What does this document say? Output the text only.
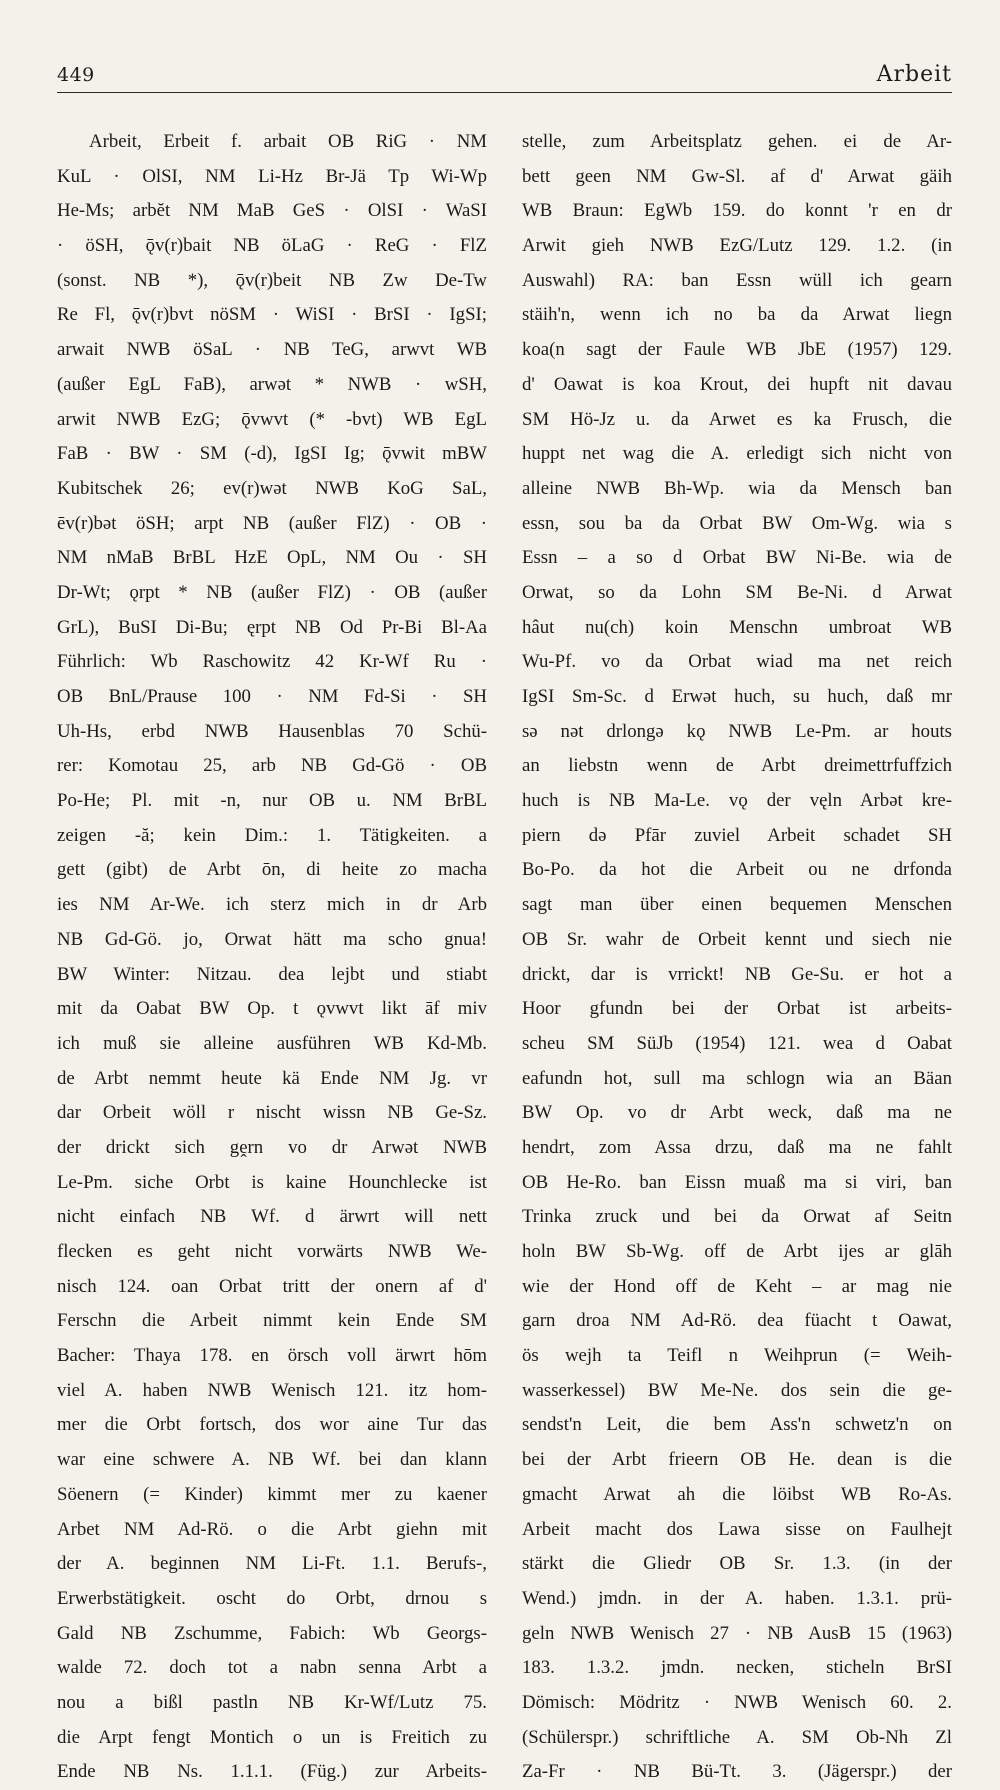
449	Arbeit
Arbeit, Erbeit f. arbait OB RiG · NM
KuL · OlSI, NM Li-Hz Br-Jä Tp Wi-Wp
He-Ms; arbĕt NM MaB GeS · OlSI · WaSI
· öSH, ǭv(r)bait NB öLaG · ReG · FlZ
(sonst. NB *), ǭv(r)beit NB Zw De-Tw
Re Fl, ǭv(r)bvt nöSM · WiSI · BrSI · IgSI;
arwait NWB öSaL · NB TeG, arwvt WB
(außer EgL FaB), arwət * NWB · wSH,
arwit NWB EzG; ǭvwvt (* -bvt) WB EgL
FaB · BW · SM (-d), IgSI Ig; ǭvwit mBW
Kubitschek 26; ev(r)wət NWB KoG SaL,
ēv(r)bət öSH; arpt NB (außer FlZ) · OB ·
NM nMaB BrBL HzE OpL, NM Ou · SH
Dr-Wt; ǫrpt * NB (außer FlZ) · OB (außer
GrL), BuSI Di-Bu; ęrpt NB Od Pr-Bi Bl-Aa
Führlich: Wb Raschowitz 42 Kr-Wf Ru ·
OB BnL/Prause 100 · NM Fd-Si · SH
Uh-Hs, erbd NWB Hausenblas 70 Schü-
rer: Komotau 25, arb NB Gd-Gö · OB
Po-He; Pl. mit -n, nur OB u. NM BrBL
zeigen -ă; kein Dim.: 1. Tätigkeiten. a
gett (gibt) de Arbt ōn, di heite zo macha
ies NM Ar-We. ich sterz mich in dr Arb
NB Gd-Gö. jo, Orwat hätt ma scho gnua!
BW Winter: Nitzau. dea lejbt und stiabt
mit da Oabat BW Op. t ǫvwvt likt āf miv
ich muß sie alleine ausführen WB Kd-Mb.
de Arbt nemmt heute kä Ende NM Jg. vr
dar Orbeit wöll r nischt wissn NB Ge-Sz.
der drickt sich gḙrn vo dr Arwət NWB
Le-Pm. siche Orbt is kaine Hounchlecke ist
nicht einfach NB Wf. d ärwrt will nett
flecken es geht nicht vorwärts NWB We-
nisch 124. oan Orbat tritt der onern af d'
Ferschn die Arbeit nimmt kein Ende SM
Bacher: Thaya 178. en örsch voll ärwrt hōm
viel A. haben NWB Wenisch 121. itz hom-
mer die Orbt fortsch, dos wor aine Tur das
war eine schwere A. NB Wf. bei dan klann
Söenern (= Kinder) kimmt mer zu kaener
Arbet NM Ad-Rö. o die Arbt giehn mit
der A. beginnen NM Li-Ft. 1.1. Berufs-,
Erwerbstätigkeit. oscht do Orbt, drnou s
Gald NB Zschumme, Fabich: Wb Georgs-
walde 72. doch tot a nabn senna Arbt a
nou a bißl pastln NB Kr-Wf/Lutz 75.
die Arpt fengt Montich o un is Freitich zu
Ende NB Ns. 1.1.1. (Füg.) zur Arbeits-
stelle, zum Arbeitsplatz gehen. ei de Ar-
bett geen NM Gw-Sl. af d' Arwat gäih
WB Braun: EgWb 159. do konnt 'r en dr
Arwit gieh NWB EzG/Lutz 129. 1.2. (in
Auswahl) RA: ban Essn wüll ich gearn
stäih'n, wenn ich no ba da Arwat liegn
koa(n sagt der Faule WB JbE (1957) 129.
d' Oawat is koa Krout, dei hupft nit davau
SM Hö-Jz u. da Arwet es ka Frusch, die
huppt net wag die A. erledigt sich nicht von
alleine NWB Bh-Wp. wia da Mensch ban
essn, sou ba da Orbat BW Om-Wg. wia s
Essn – a so d Orbat BW Ni-Be. wia de
Orwat, so da Lohn SM Be-Ni. d Arwat
hâut nu(ch) koin Menschn umbroat WB
Wu-Pf. vo da Orbat wiad ma net reich
IgSI Sm-Sc. d Erwət huch, su huch, daß mr
sə nət drlongə kǫ NWB Le-Pm. ar houts
an liebstn wenn de Arbt dreimettrfuffzich
huch is NB Ma-Le. vǫ der vęln Arbət kre-
piern də Pfār zuviel Arbeit schadet SH
Bo-Po. da hot die Arbeit ou ne drfonda
sagt man über einen bequemen Menschen
OB Sr. wahr de Orbeit kennt und siech nie
drickt, dar is vrrickt! NB Ge-Su. er hot a
Hoor gfundn bei der Orbat ist arbeits-
scheu SM SüJb (1954) 121. wea d Oabat
eafundn hot, sull ma schlogn wia an Bäan
BW Op. vo dr Arbt weck, daß ma ne
hendrt, zom Assa drzu, daß ma ne fahlt
OB He-Ro. ban Eissn muaß ma si viri, ban
Trinka zruck und bei da Orwat af Seitn
holn BW Sb-Wg. off de Arbt ijes ar glāh
wie der Hond off de Keht – ar mag nie
garn droa NM Ad-Rö. dea füacht t Oawat,
ös wejh ta Teifl n Weihprun (= Weih-
wasserkessel) BW Me-Ne. dos sein die ge-
sendst'n Leit, die bem Ass'n schwetz'n on
bei der Arbt frieern OB He. dean is die
gmacht Arwat ah die löibst WB Ro-As.
Arbeit macht dos Lawa sisse on Faulhejt
stärkt die Gliedr OB Sr. 1.3. (in der
Wend.) jmdn. in der A. haben. 1.3.1. prü-
geln NWB Wenisch 27 · NB AusB 15 (1963)
183. 1.3.2. jmdn. necken, sticheln BrSI
Dömisch: Mödritz · NWB Wenisch 60. 2.
(Schülerspr.) schriftliche A. SM Ob-Nh Zl
Za-Fr · NB Bü-Tt. 3. (Jägerspr.) der
